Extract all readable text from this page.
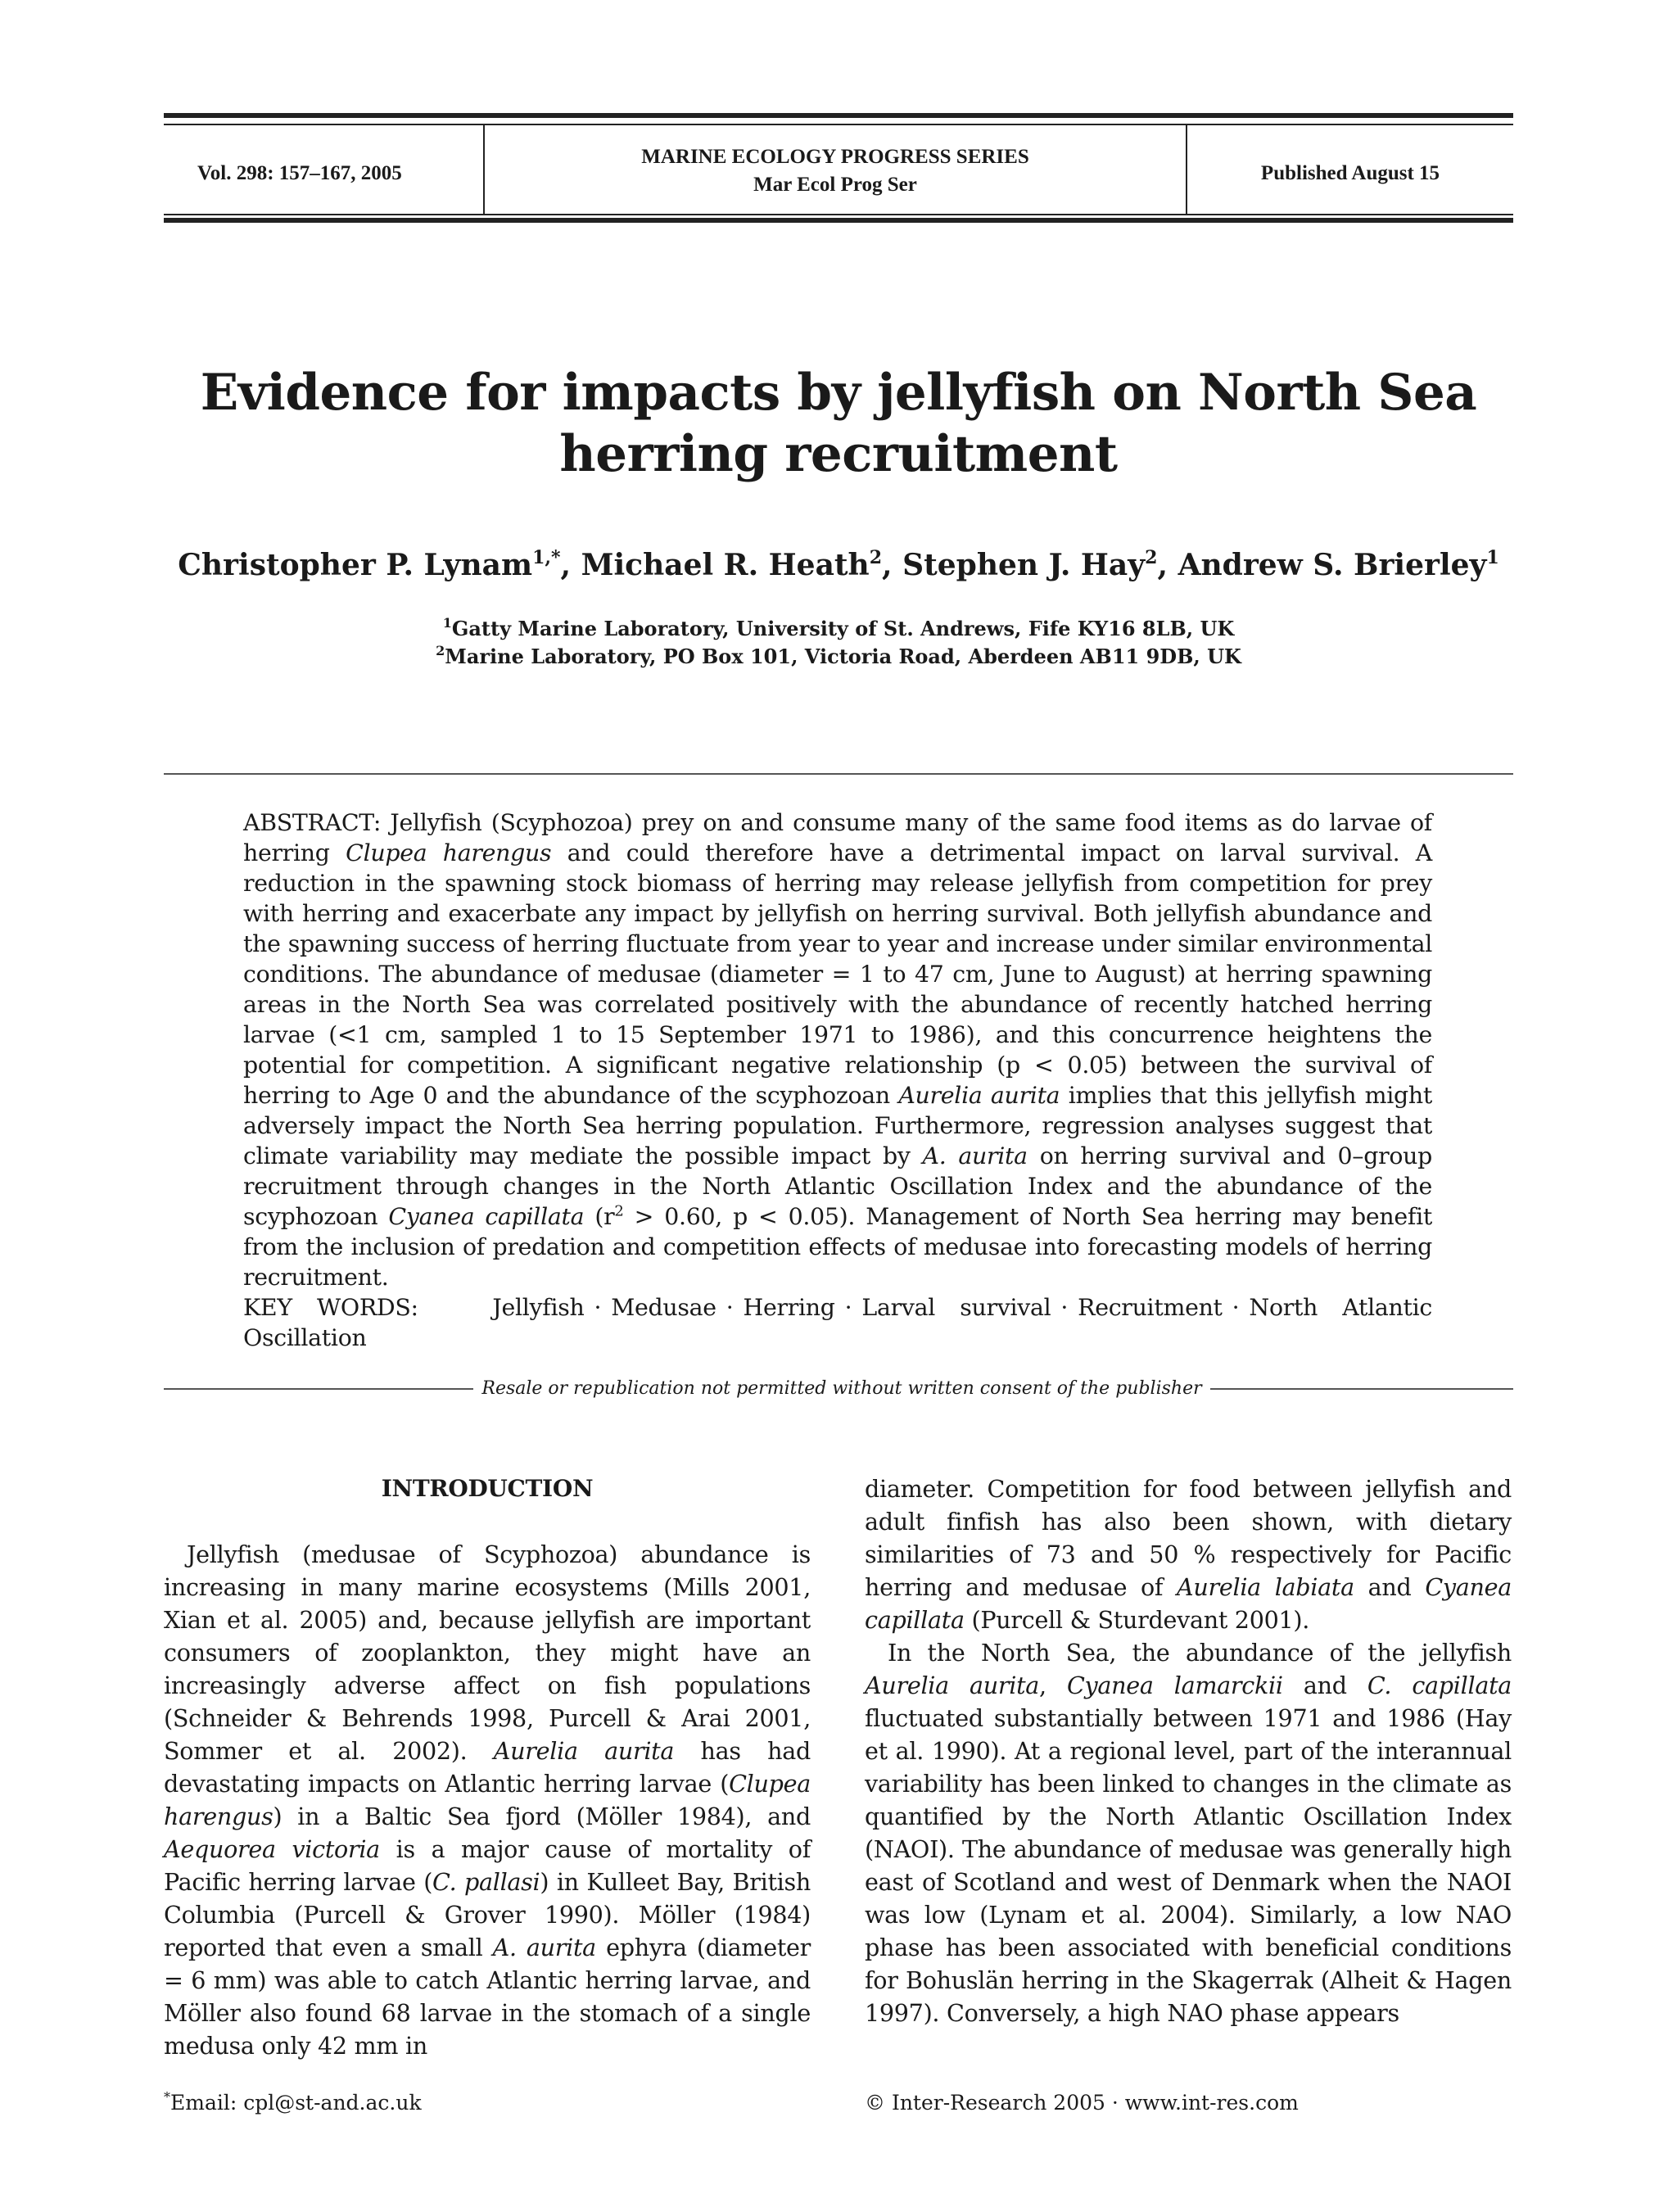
Vol. 298: 157–167, 2005
MARINE ECOLOGY PROGRESS SERIES
Mar Ecol Prog Ser
Published August 15
Evidence for impacts by jellyfish on North Sea
herring recruitment
Christopher P. Lynam$^{1,*}$, Michael R. Heath$^2$, Stephen J. Hay$^2$, Andrew S. Brierley$^1$
$^1$Gatty Marine Laboratory, University of St. Andrews, Fife KY16 8LB, UK
$^2$Marine Laboratory, PO Box 101, Victoria Road, Aberdeen AB11 9DB, UK
ABSTRACT: Jellyfish (Scyphozoa) prey on and consume many of the same food items as do larvae of herring Clupea harengus and could therefore have a detrimental impact on larval survival. A reduction in the spawning stock biomass of herring may release jellyfish from competition for prey with herring and exacerbate any impact by jellyfish on herring survival. Both jellyfish abundance and the spawning success of herring fluctuate from year to year and increase under similar environmental conditions. The abundance of medusae (diameter = 1 to 47 cm, June to August) at herring spawning areas in the North Sea was correlated positively with the abundance of recently hatched herring larvae (<1 cm, sampled 1 to 15 September 1971 to 1986), and this concurrence heightens the potential for competition. A significant negative relationship (p < 0.05) between the survival of herring to Age 0 and the abundance of the scyphozoan Aurelia aurita implies that this jellyfish might adversely impact the North Sea herring population. Furthermore, regression analyses suggest that climate variability may mediate the possible impact by A. aurita on herring survival and 0–group recruitment through changes in the North Atlantic Oscillation Index and the abundance of the scyphozoan Cyanea capillata ($r^2 > 0.60$, p < 0.05). Management of North Sea herring may benefit from the inclusion of predation and competition effects of medusae into forecasting models of herring recruitment.
KEY WORDS:	Jellyfish · Medusae · Herring · Larval survival · Recruitment · North Atlantic Oscillation
Resale or republication not permitted without written consent of the publisher
INTRODUCTION

Jellyfish (medusae of Scyphozoa) abundance is increasing in many marine ecosystems (Mills 2001, Xian et al. 2005) and, because jellyfish are important consumers of zooplankton, they might have an increasingly adverse affect on fish populations (Schneider & Behrends 1998, Purcell & Arai 2001, Sommer et al. 2002). Aurelia aurita has had devastating impacts on Atlantic herring larvae (Clupea harengus) in a Baltic Sea fjord (Möller 1984), and Aequorea victoria is a major cause of mortality of Pacific herring larvae (C. pallasi) in Kulleet Bay, British Columbia (Purcell & Grover 1990). Möller (1984) reported that even a small A. aurita ephyra (diameter = 6 mm) was able to catch Atlantic herring larvae, and Möller also found 68 larvae in the stomach of a single medusa only 42 mm in

diameter. Competition for food between jellyfish and adult finfish has also been shown, with dietary similarities of 73 and 50 % respectively for Pacific herring and medusae of Aurelia labiata and Cyanea capillata (Purcell & Sturdevant 2001).

In the North Sea, the abundance of the jellyfish Aurelia aurita, Cyanea lamarckii and C. capillata fluctuated substantially between 1971 and 1986 (Hay et al. 1990). At a regional level, part of the interannual variability has been linked to changes in the climate as quantified by the North Atlantic Oscillation Index (NAOI). The abundance of medusae was generally high east of Scotland and west of Denmark when the NAOI was low (Lynam et al. 2004). Similarly, a low NAO phase has been associated with beneficial conditions for Bohuslän herring in the Skagerrak (Alheit & Hagen 1997). Conversely, a high NAO phase appears

*Email: cpl@st-and.ac.uk	© Inter-Research 2005 · www.int-res.com
